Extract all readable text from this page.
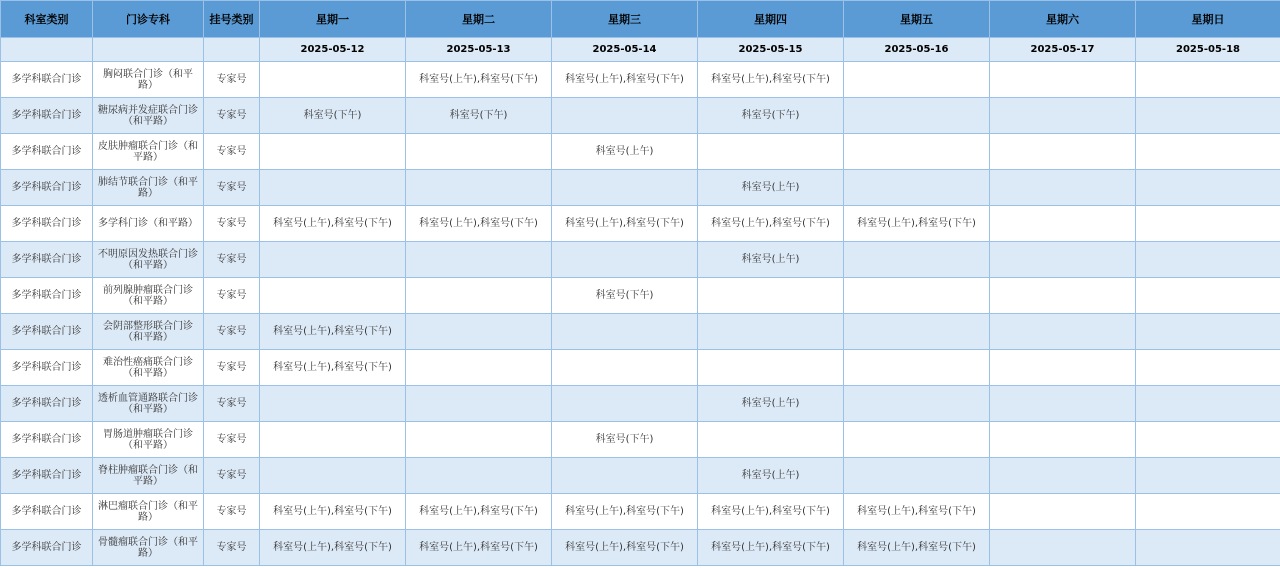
科室类别	门诊专科	挂号类别	星期一	星期二	星期三	星期四	星期五	星期六	星期日
			2025-05-12	2025-05-13	2025-05-14	2025-05-15	2025-05-16	2025-05-17	2025-05-18
多学科联合门诊	胸闷联合门诊（和平路）	专家号		科室号(上午),科室号(下午)	科室号(上午),科室号(下午)	科室号(上午),科室号(下午)			
多学科联合门诊	糖尿病并发症联合门诊（和平路）	专家号	科室号(下午)	科室号(下午)		科室号(下午)			
多学科联合门诊	皮肤肿瘤联合门诊（和平路）	专家号			科室号(上午)				
多学科联合门诊	肺结节联合门诊（和平路）	专家号				科室号(上午)			
多学科联合门诊	多学科门诊（和平路）	专家号	科室号(上午),科室号(下午)	科室号(上午),科室号(下午)	科室号(上午),科室号(下午)	科室号(上午),科室号(下午)	科室号(上午),科室号(下午)		
多学科联合门诊	不明原因发热联合门诊（和平路）	专家号				科室号(上午)			
多学科联合门诊	前列腺肿瘤联合门诊（和平路）	专家号			科室号(下午)				
多学科联合门诊	会阴部整形联合门诊（和平路）	专家号	科室号(上午),科室号(下午)						
多学科联合门诊	难治性癌痛联合门诊（和平路）	专家号	科室号(上午),科室号(下午)						
多学科联合门诊	透析血管通路联合门诊（和平路）	专家号				科室号(上午)			
多学科联合门诊	胃肠道肿瘤联合门诊（和平路）	专家号			科室号(下午)				
多学科联合门诊	脊柱肿瘤联合门诊（和平路）	专家号				科室号(上午)			
多学科联合门诊	淋巴瘤联合门诊（和平路）	专家号	科室号(上午),科室号(下午)	科室号(上午),科室号(下午)	科室号(上午),科室号(下午)	科室号(上午),科室号(下午)	科室号(上午),科室号(下午)		
多学科联合门诊	骨髓瘤联合门诊（和平路）	专家号	科室号(上午),科室号(下午)	科室号(上午),科室号(下午)	科室号(上午),科室号(下午)	科室号(上午),科室号(下午)	科室号(上午),科室号(下午)		
